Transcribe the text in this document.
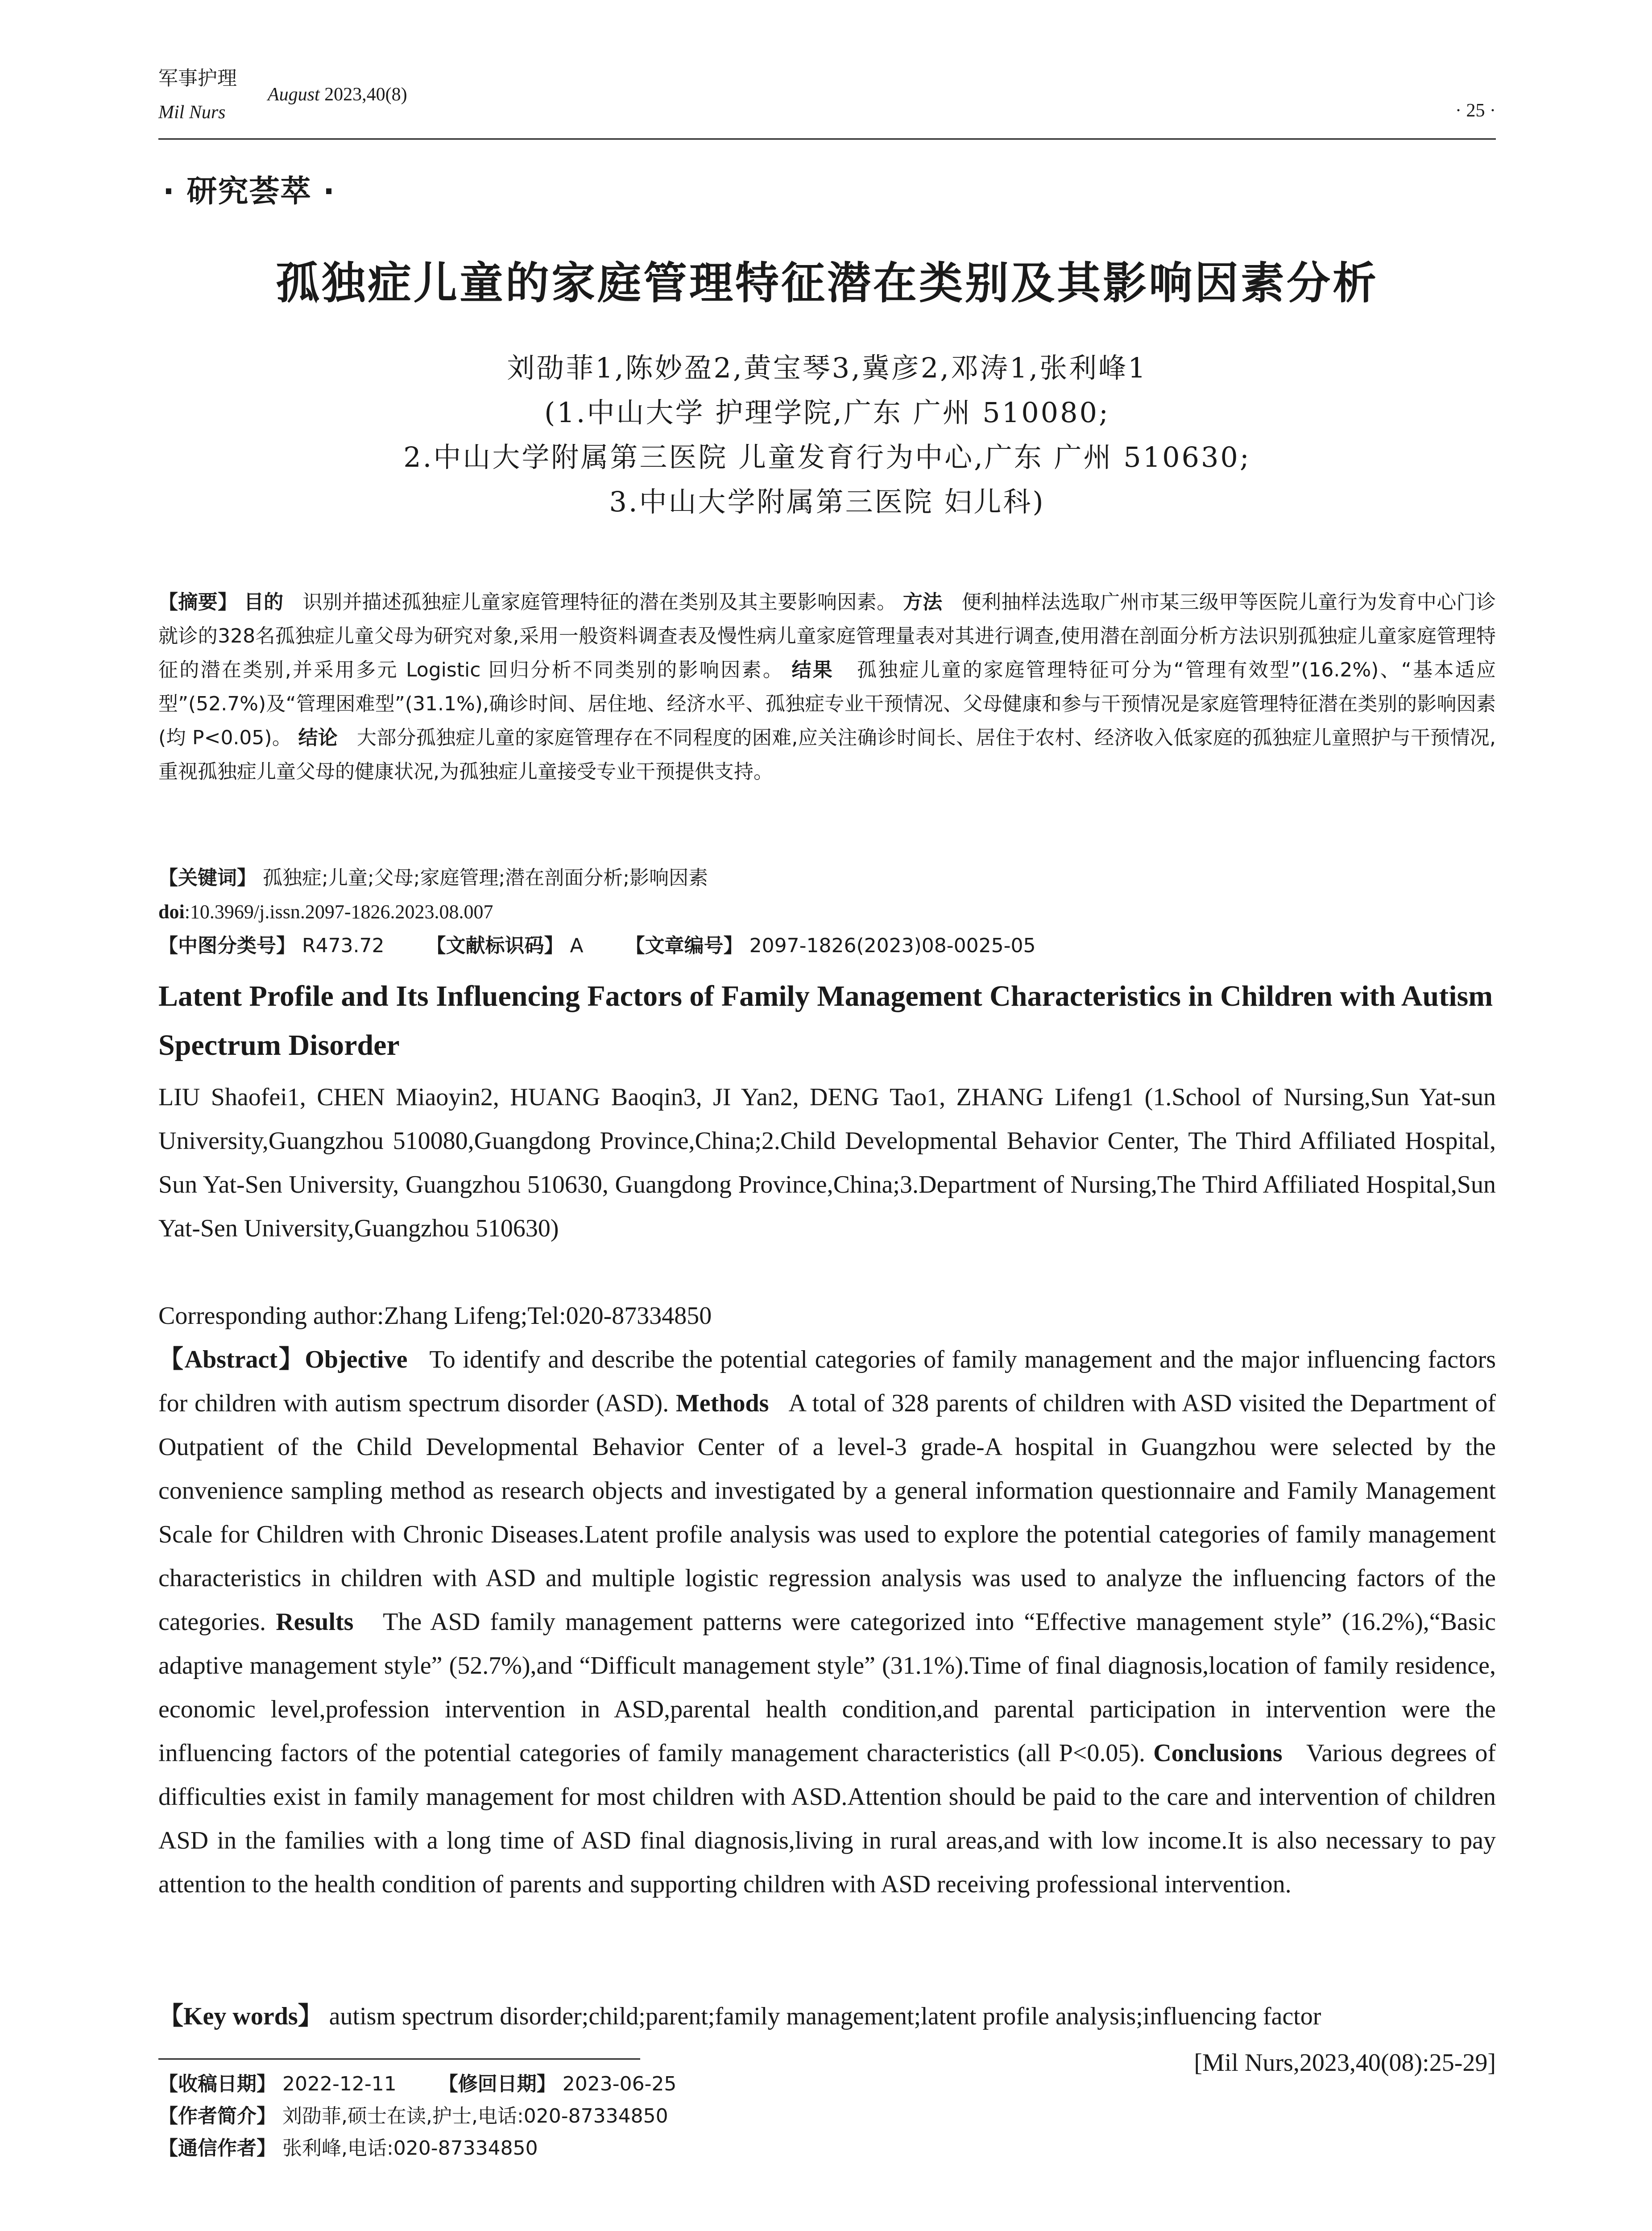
军事护理
Mil Nurs
August 2023,40(8)
· 25 ·
· 研究荟萃 ·
孤独症儿童的家庭管理特征潜在类别及其影响因素分析
刘劭菲1,陈妙盈2,黄宝琴3,冀彦2,邓涛1,张利峰1
(1.中山大学 护理学院,广东 广州 510080;
2.中山大学附属第三医院 儿童发育行为中心,广东 广州 510630;
3.中山大学附属第三医院 妇儿科)
【摘要】 目的 识别并描述孤独症儿童家庭管理特征的潜在类别及其主要影响因素。 方法 便利抽样法选取广州市某三级甲等医院儿童行为发育中心门诊就诊的328名孤独症儿童父母为研究对象,采用一般资料调查表及慢性病儿童家庭管理量表对其进行调查,使用潜在剖面分析方法识别孤独症儿童家庭管理特征的潜在类别,并采用多元 Logistic 回归分析不同类别的影响因素。 结果 孤独症儿童的家庭管理特征可分为“管理有效型”(16.2%)、“基本适应型”(52.7%)及“管理困难型”(31.1%),确诊时间、居住地、经济水平、孤独症专业干预情况、父母健康和参与干预情况是家庭管理特征潜在类别的影响因素(均 P<0.05)。 结论 大部分孤独症儿童的家庭管理存在不同程度的困难,应关注确诊时间长、居住于农村、经济收入低家庭的孤独症儿童照护与干预情况,重视孤独症儿童父母的健康状况,为孤独症儿童接受专业干预提供支持。
【关键词】 孤独症;儿童;父母;家庭管理;潜在剖面分析;影响因素
doi:10.3969/j.issn.2097-1826.2023.08.007
【中图分类号】 R473.72 【文献标识码】 A 【文章编号】 2097-1826(2023)08-0025-05
Latent Profile and Its Influencing Factors of Family Management Characteristics in Children with Autism Spectrum Disorder
LIU Shaofei1, CHEN Miaoyin2, HUANG Baoqin3, JI Yan2, DENG Tao1, ZHANG Lifeng1 (1.School of Nursing,Sun Yat-sun University,Guangzhou 510080,Guangdong Province,China;2.Child Developmental Behavior Center, The Third Affiliated Hospital, Sun Yat-Sen University, Guangzhou 510630, Guangdong Province,China;3.Department of Nursing,The Third Affiliated Hospital,Sun Yat-Sen University,Guangzhou 510630)
Corresponding author:Zhang Lifeng;Tel:020-87334850
【Abstract】Objective To identify and describe the potential categories of family management and the major influencing factors for children with autism spectrum disorder (ASD). Methods A total of 328 parents of children with ASD visited the Department of Outpatient of the Child Developmental Behavior Center of a level-3 grade-A hospital in Guangzhou were selected by the convenience sampling method as research objects and investigated by a general information questionnaire and Family Management Scale for Children with Chronic Diseases.Latent profile analysis was used to explore the potential categories of family management characteristics in children with ASD and multiple logistic regression analysis was used to analyze the influencing factors of the categories. Results The ASD family management patterns were categorized into “Effective management style” (16.2%),“Basic adaptive management style” (52.7%),and “Difficult management style” (31.1%).Time of final diagnosis,location of family residence, economic level,profession intervention in ASD,parental health condition,and parental participation in intervention were the influencing factors of the potential categories of family management characteristics (all P<0.05). Conclusions Various degrees of difficulties exist in family management for most children with ASD.Attention should be paid to the care and intervention of children ASD in the families with a long time of ASD final diagnosis,living in rural areas,and with low income.It is also necessary to pay attention to the health condition of parents and supporting children with ASD receiving professional intervention.
【Key words】 autism spectrum disorder;child;parent;family management;latent profile analysis;influencing factor
[Mil Nurs,2023,40(08):25-29]
【收稿日期】 2022-12-11 【修回日期】 2023-06-25
【作者简介】 刘劭菲,硕士在读,护士,电话:020-87334850
【通信作者】 张利峰,电话:020-87334850
